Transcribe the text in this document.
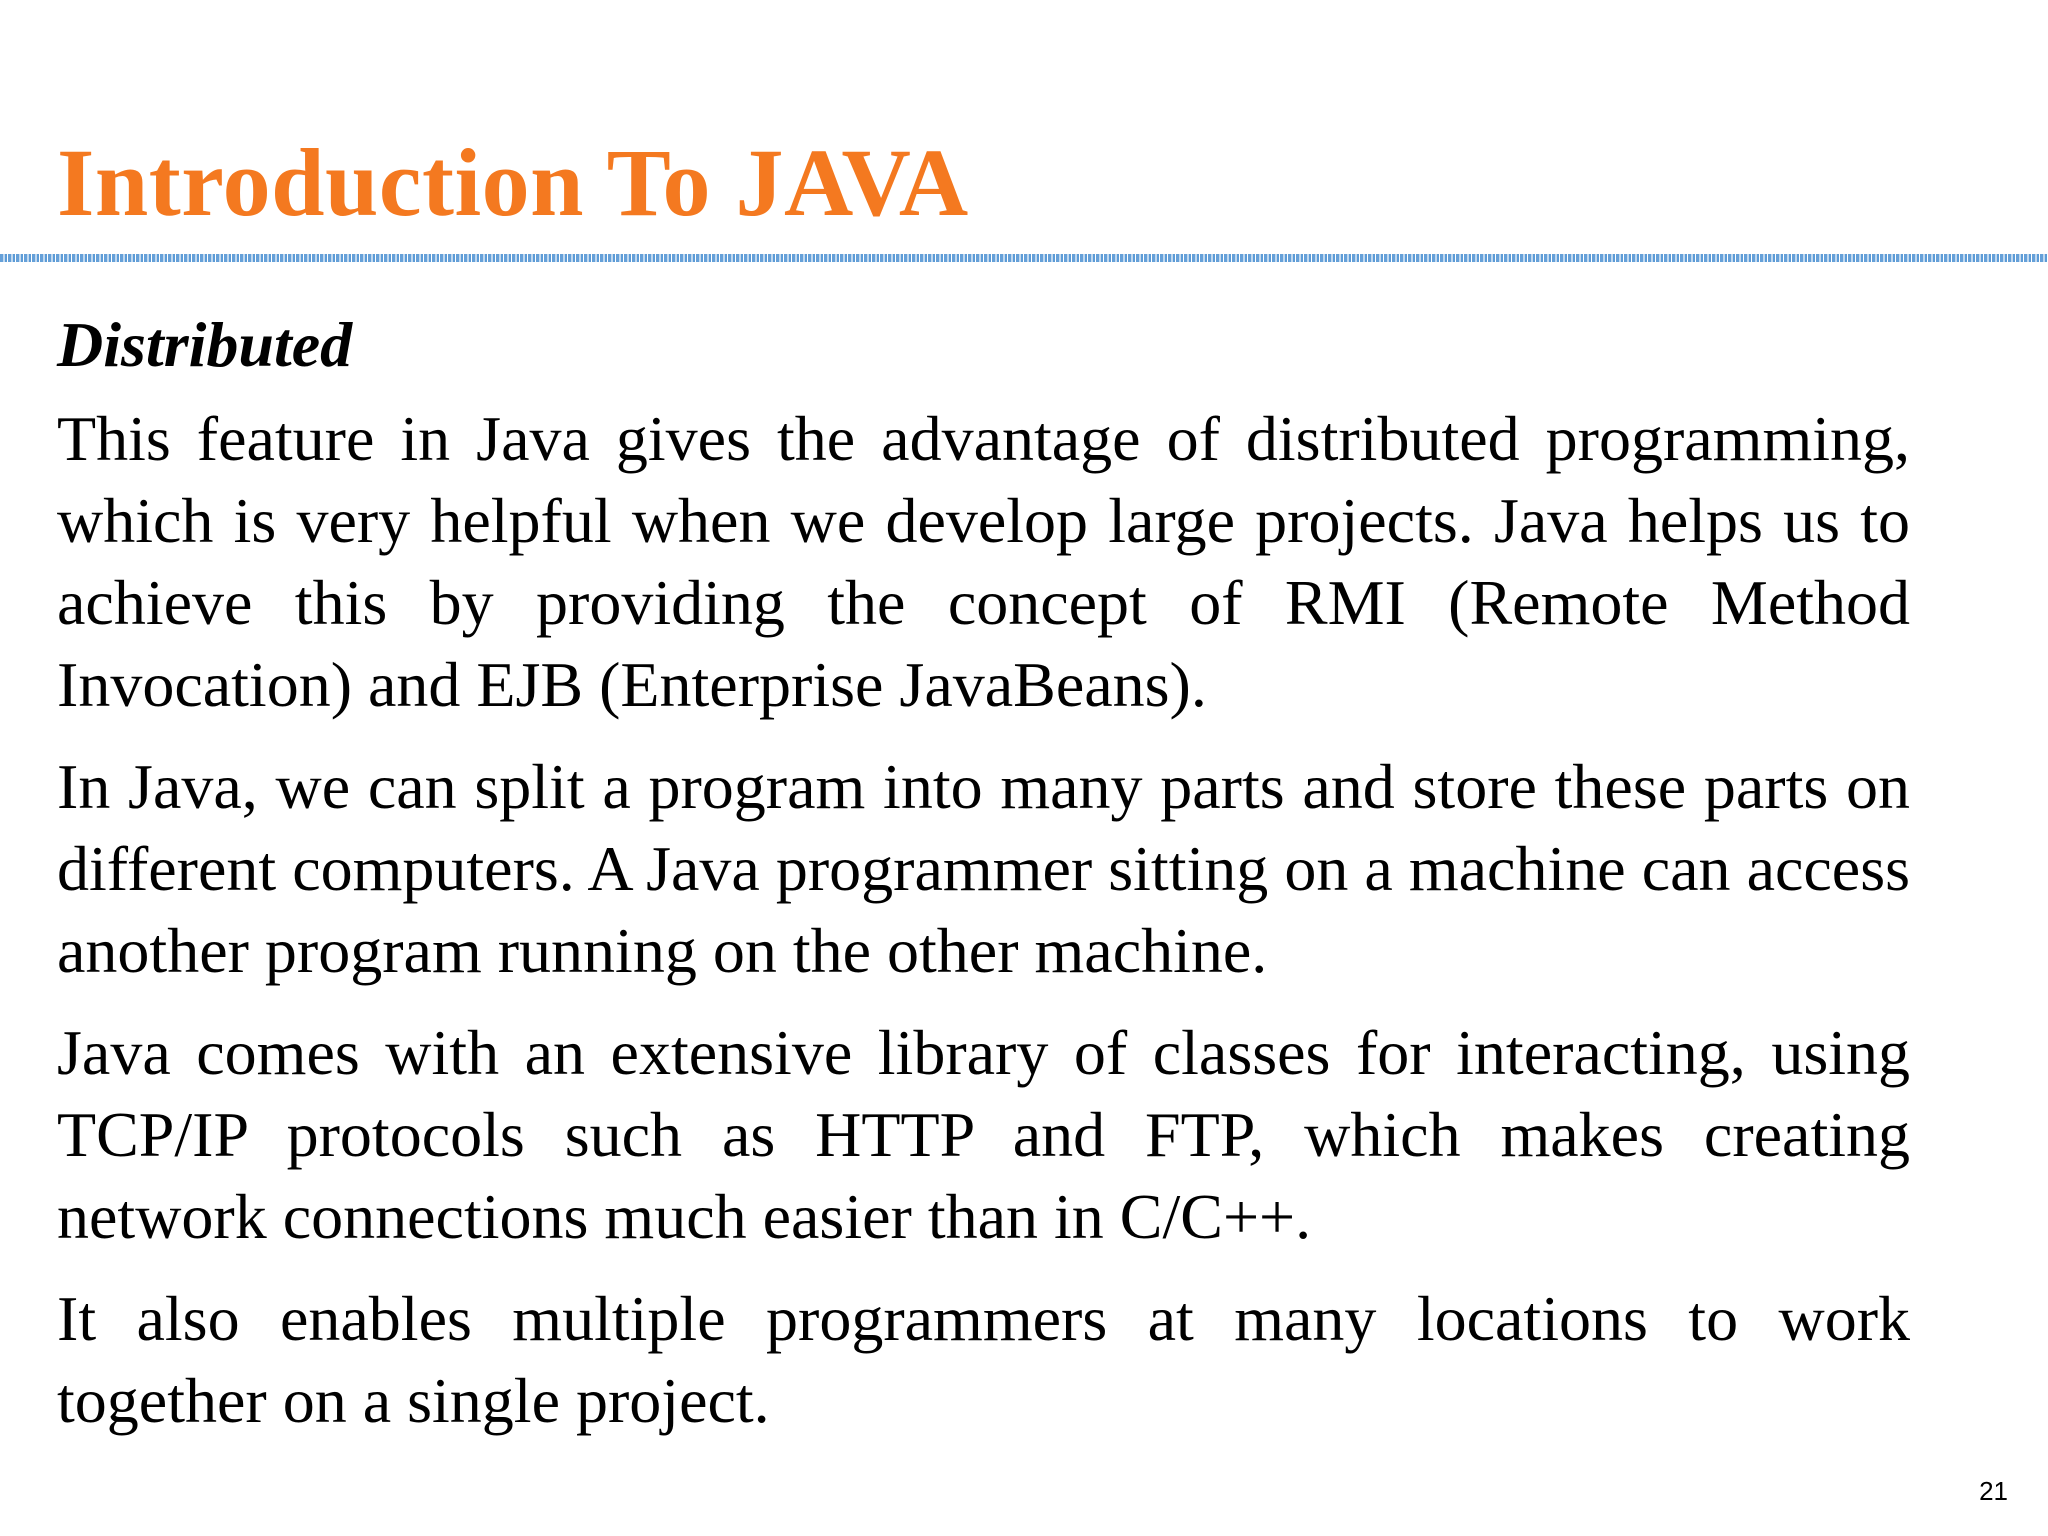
Introduction To JAVA
Distributed

This feature in Java gives the advantage of distributed programming, which is very helpful when we develop large projects. Java helps us to achieve this by providing the concept of RMI (Remote Method Invocation) and EJB (Enterprise JavaBeans).

In Java, we can split a program into many parts and store these parts on different computers. A Java programmer sitting on a machine can access another program running on the other machine.

Java comes with an extensive library of classes for interacting, using TCP/IP protocols such as HTTP and FTP, which makes creating network connections much easier than in C/C++.

It also enables multiple programmers at many locations to work together on a single project.

21
